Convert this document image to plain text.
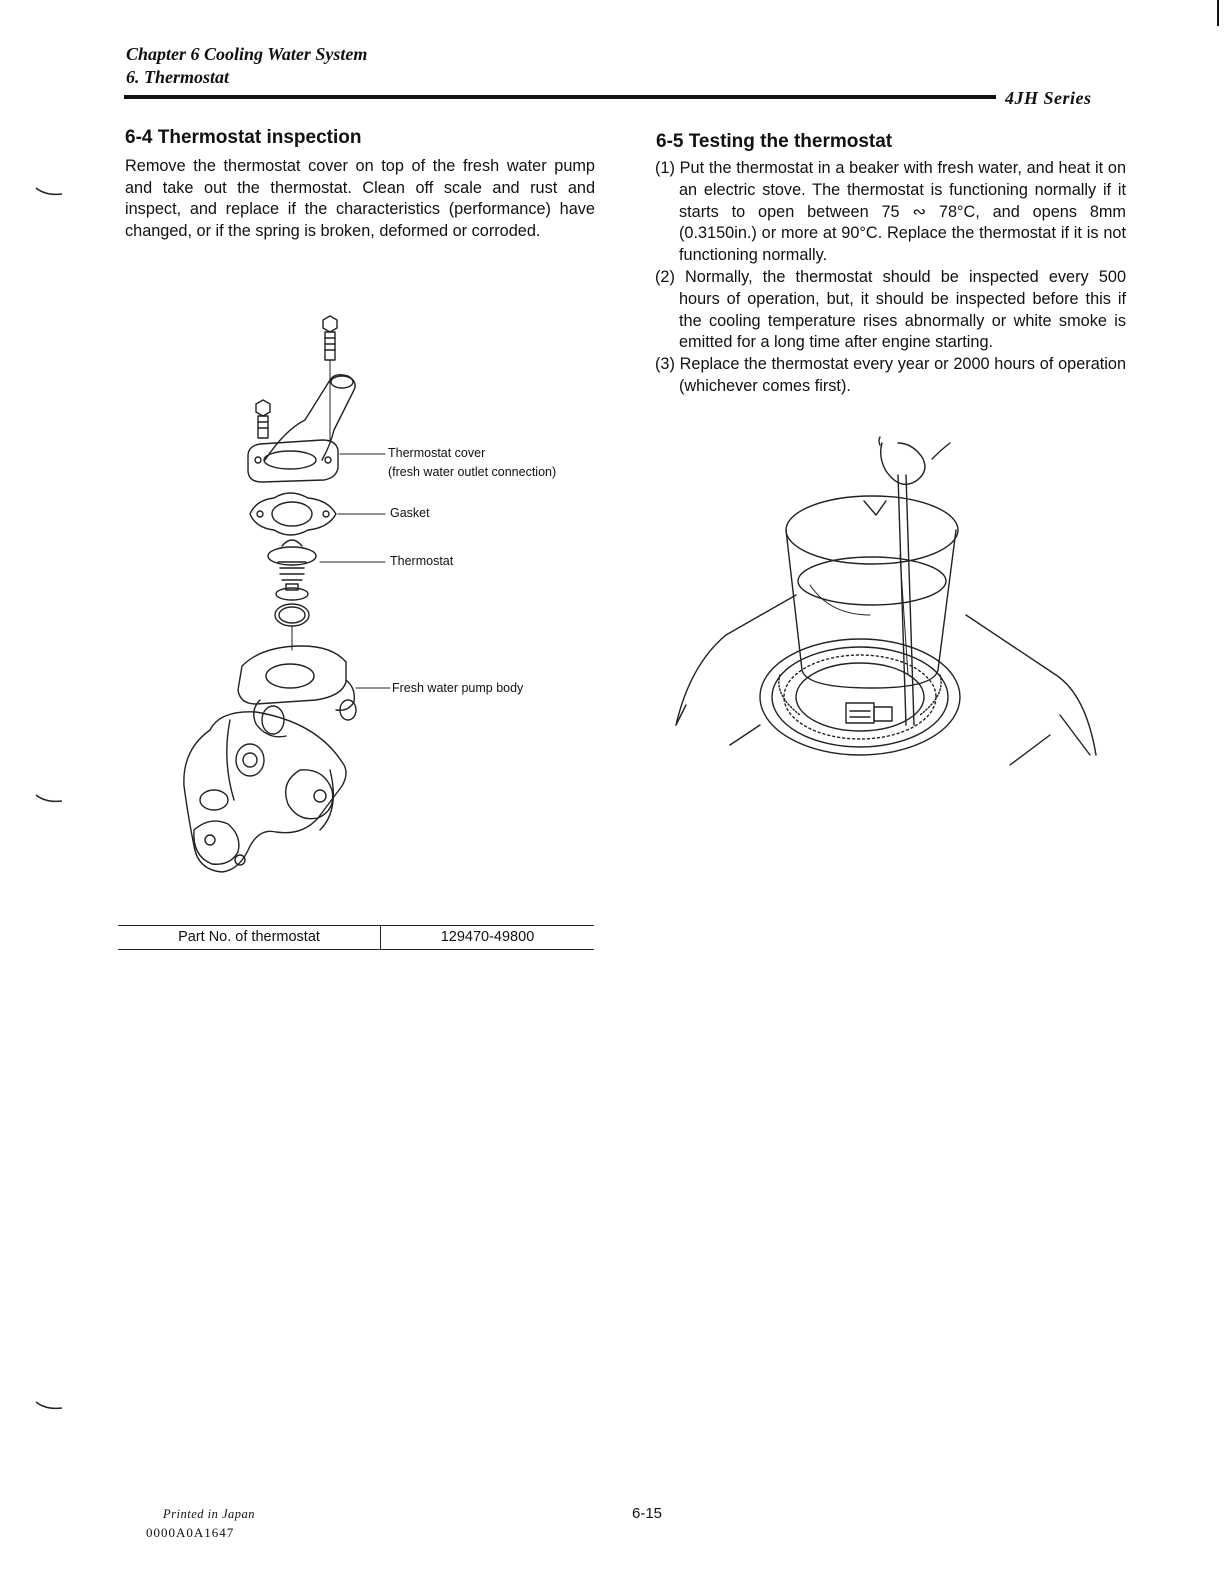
Chapter 6 Cooling Water System
6. Thermostat
4JH Series
6-4 Thermostat inspection

Remove the thermostat cover on top of the fresh water pump and take out the thermostat. Clean off scale and rust and inspect, and replace if the characteristics (performance) have changed, or if the spring is broken, deformed or corroded.

Thermostat cover
(fresh water outlet connection)
Gasket
Thermostat
Fresh water pump body
Part No. of thermostat	129470-49800
6-5 Testing the thermostat
(1) Put the thermostat in a beaker with fresh water, and heat it on an electric stove. The thermostat is functioning normally if it starts to open between 75 ∾ 78°C, and opens 8mm (0.3150in.) or more at 90°C. Replace the thermostat if it is not functioning normally.
(2) Normally, the thermostat should be inspected every 500 hours of operation, but, it should be inspected before this if the cooling temperature rises abnormally or white smoke is emitted for a long time after engine starting.
(3) Replace the thermostat every year or 2000 hours of operation (whichever comes first).
Printed in Japan
0000A0A1647
6-15
